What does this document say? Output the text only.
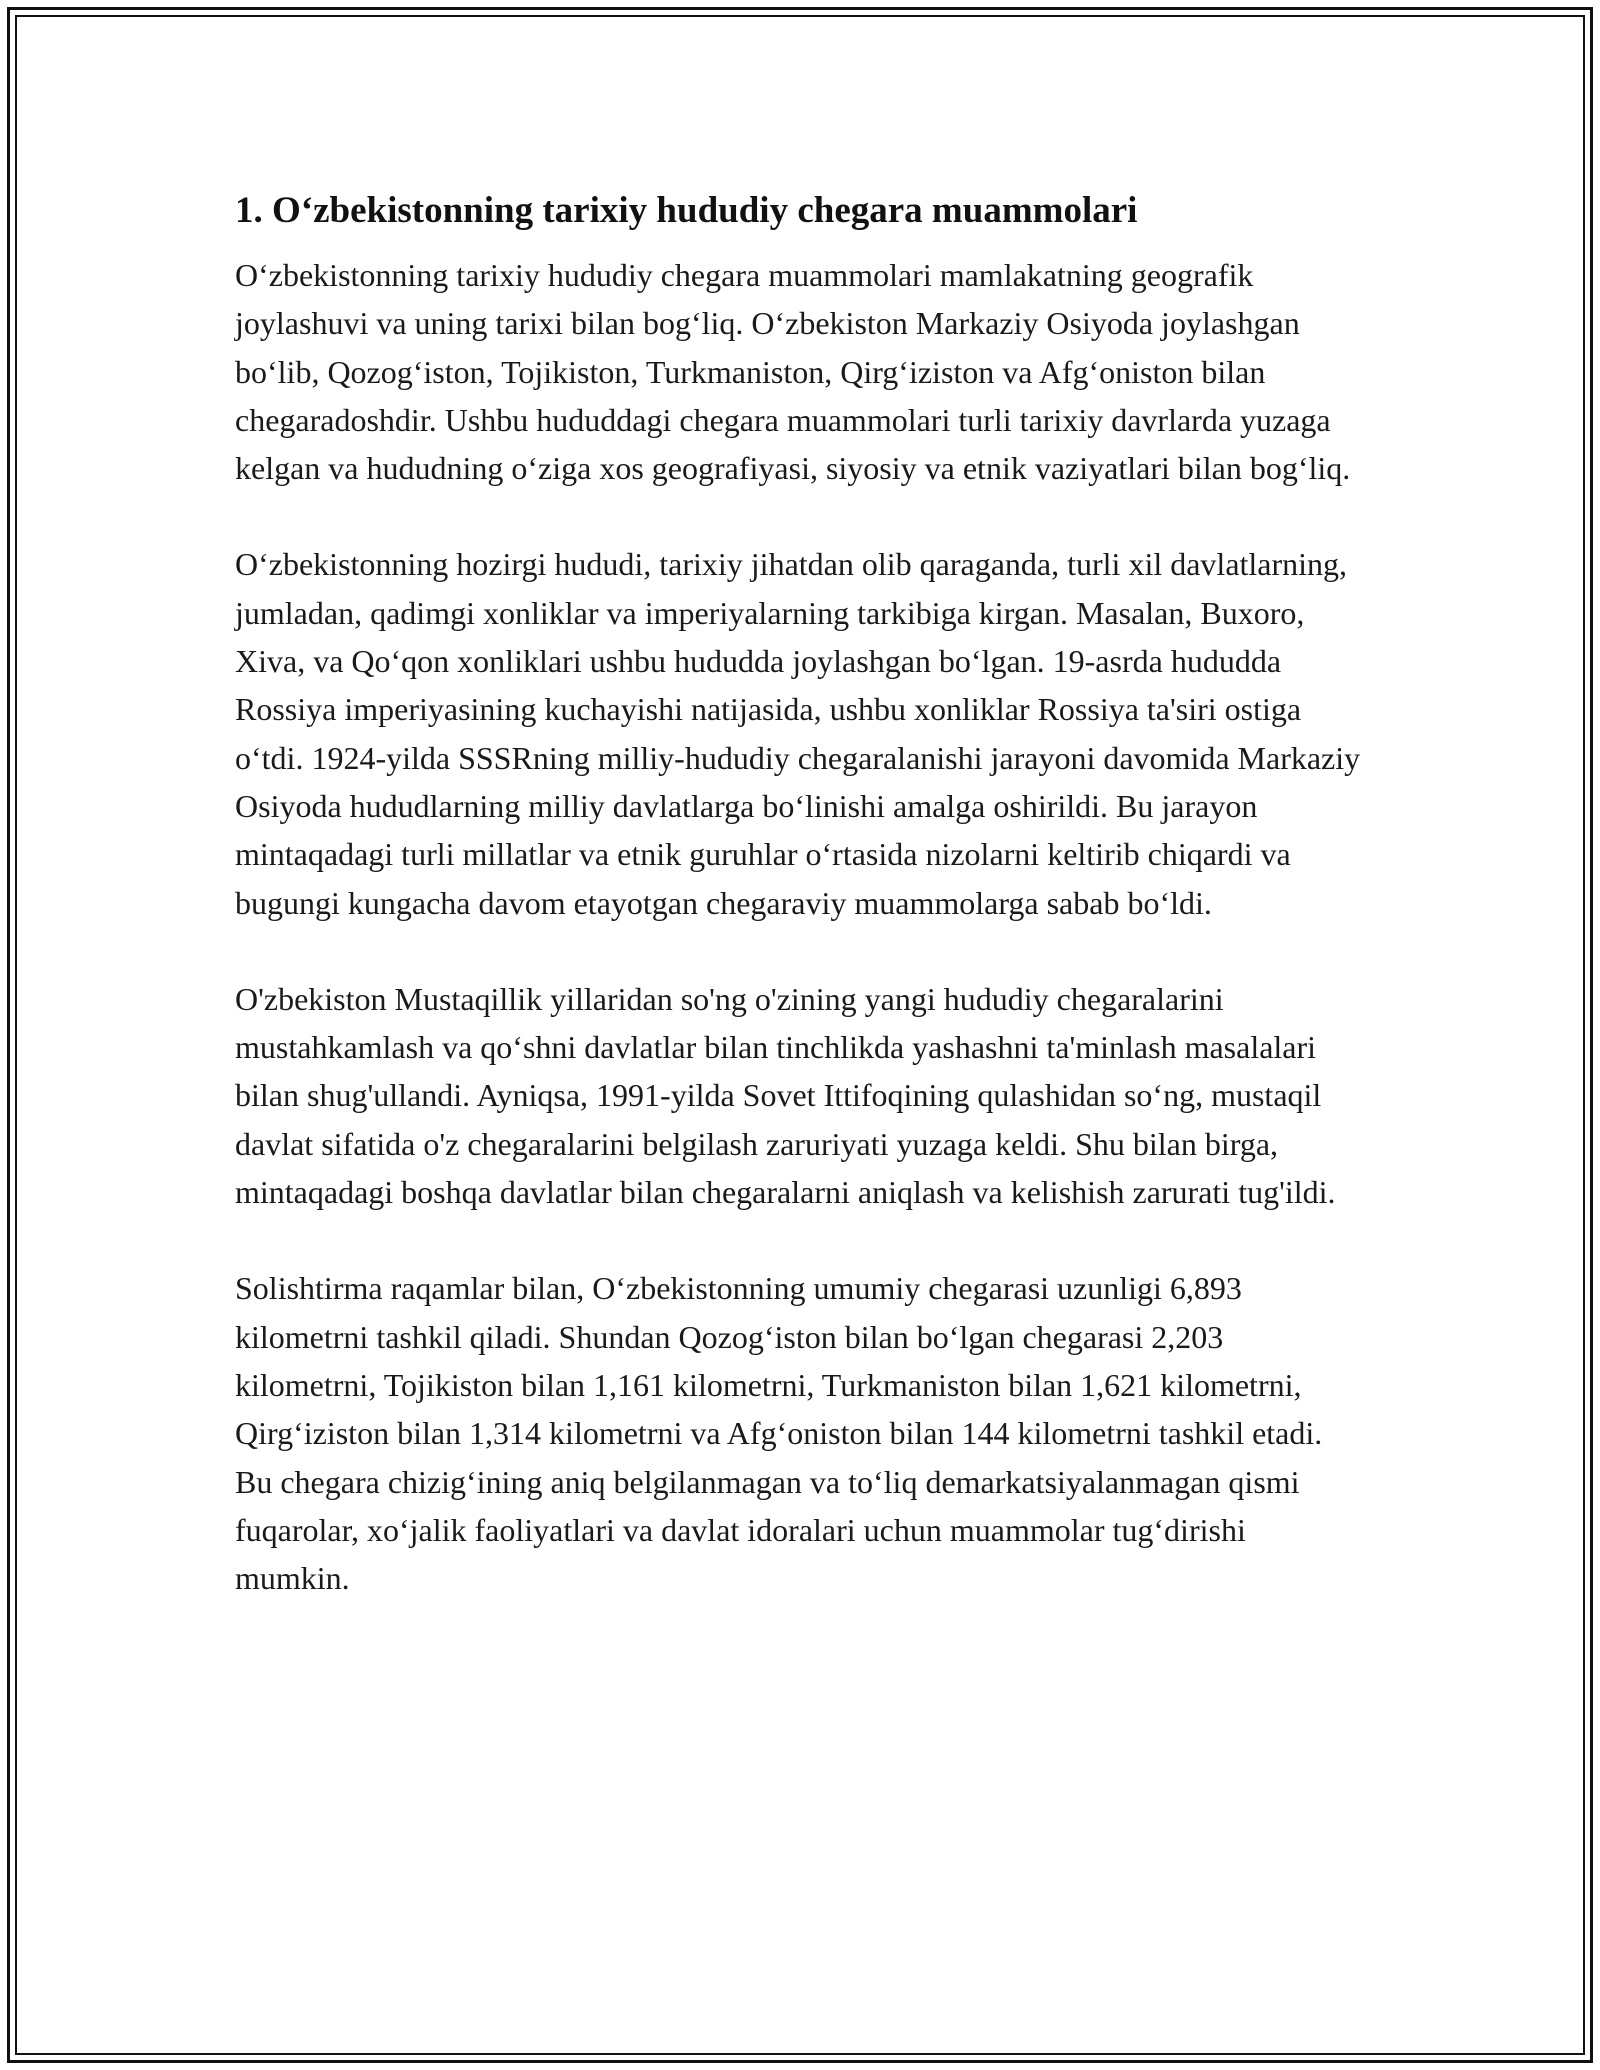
1. O‘zbekistonning tarixiy hududiy chegara muammolari

O‘zbekistonning tarixiy hududiy chegara muammolari mamlakatning geografik joylashuvi va uning tarixi bilan bog‘liq. O‘zbekiston Markaziy Osiyoda joylashgan bo‘lib, Qozog‘iston, Tojikiston, Turkmaniston, Qirg‘iziston va Afg‘oniston bilan chegaradoshdir. Ushbu hududdagi chegara muammolari turli tarixiy davrlarda yuzaga kelgan va hududning o‘ziga xos geografiyasi, siyosiy va etnik vaziyatlari bilan bog‘liq.

O‘zbekistonning hozirgi hududi, tarixiy jihatdan olib qaraganda, turli xil davlatlarning, jumladan, qadimgi xonliklar va imperiyalarning tarkibiga kirgan. Masalan, Buxoro, Xiva, va Qo‘qon xonliklari ushbu hududda joylashgan bo‘lgan. 19-asrda hududda Rossiya imperiyasining kuchayishi natijasida, ushbu xonliklar Rossiya ta'siri ostiga o‘tdi. 1924-yilda SSSRning milliy-hududiy chegaralanishi jarayoni davomida Markaziy Osiyoda hududlarning milliy davlatlarga bo‘linishi amalga oshirildi. Bu jarayon mintaqadagi turli millatlar va etnik guruhlar o‘rtasida nizolarni keltirib chiqardi va bugungi kungacha davom etayotgan chegaraviy muammolarga sabab bo‘ldi.

O'zbekiston Mustaqillik yillaridan so'ng o'zining yangi hududiy chegaralarini mustahkamlash va qo‘shni davlatlar bilan tinchlikda yashashni ta'minlash masalalari bilan shug'ullandi. Ayniqsa, 1991-yilda Sovet Ittifoqining qulashidan so‘ng, mustaqil davlat sifatida o'z chegaralarini belgilash zaruriyati yuzaga keldi. Shu bilan birga, mintaqadagi boshqa davlatlar bilan chegaralarni aniqlash va kelishish zarurati tug'ildi.

Solishtirma raqamlar bilan, O‘zbekistonning umumiy chegarasi uzunligi 6,893 kilometrni tashkil qiladi. Shundan Qozog‘iston bilan bo‘lgan chegarasi 2,203 kilometrni, Tojikiston bilan 1,161 kilometrni, Turkmaniston bilan 1,621 kilometrni, Qirg‘iziston bilan 1,314 kilometrni va Afg‘oniston bilan 144 kilometrni tashkil etadi. Bu chegara chizig‘ining aniq belgilanmagan va to‘liq demarkatsiyalanmagan qismi fuqarolar, xo‘jalik faoliyatlari va davlat idoralari uchun muammolar tug‘dirishi mumkin.
